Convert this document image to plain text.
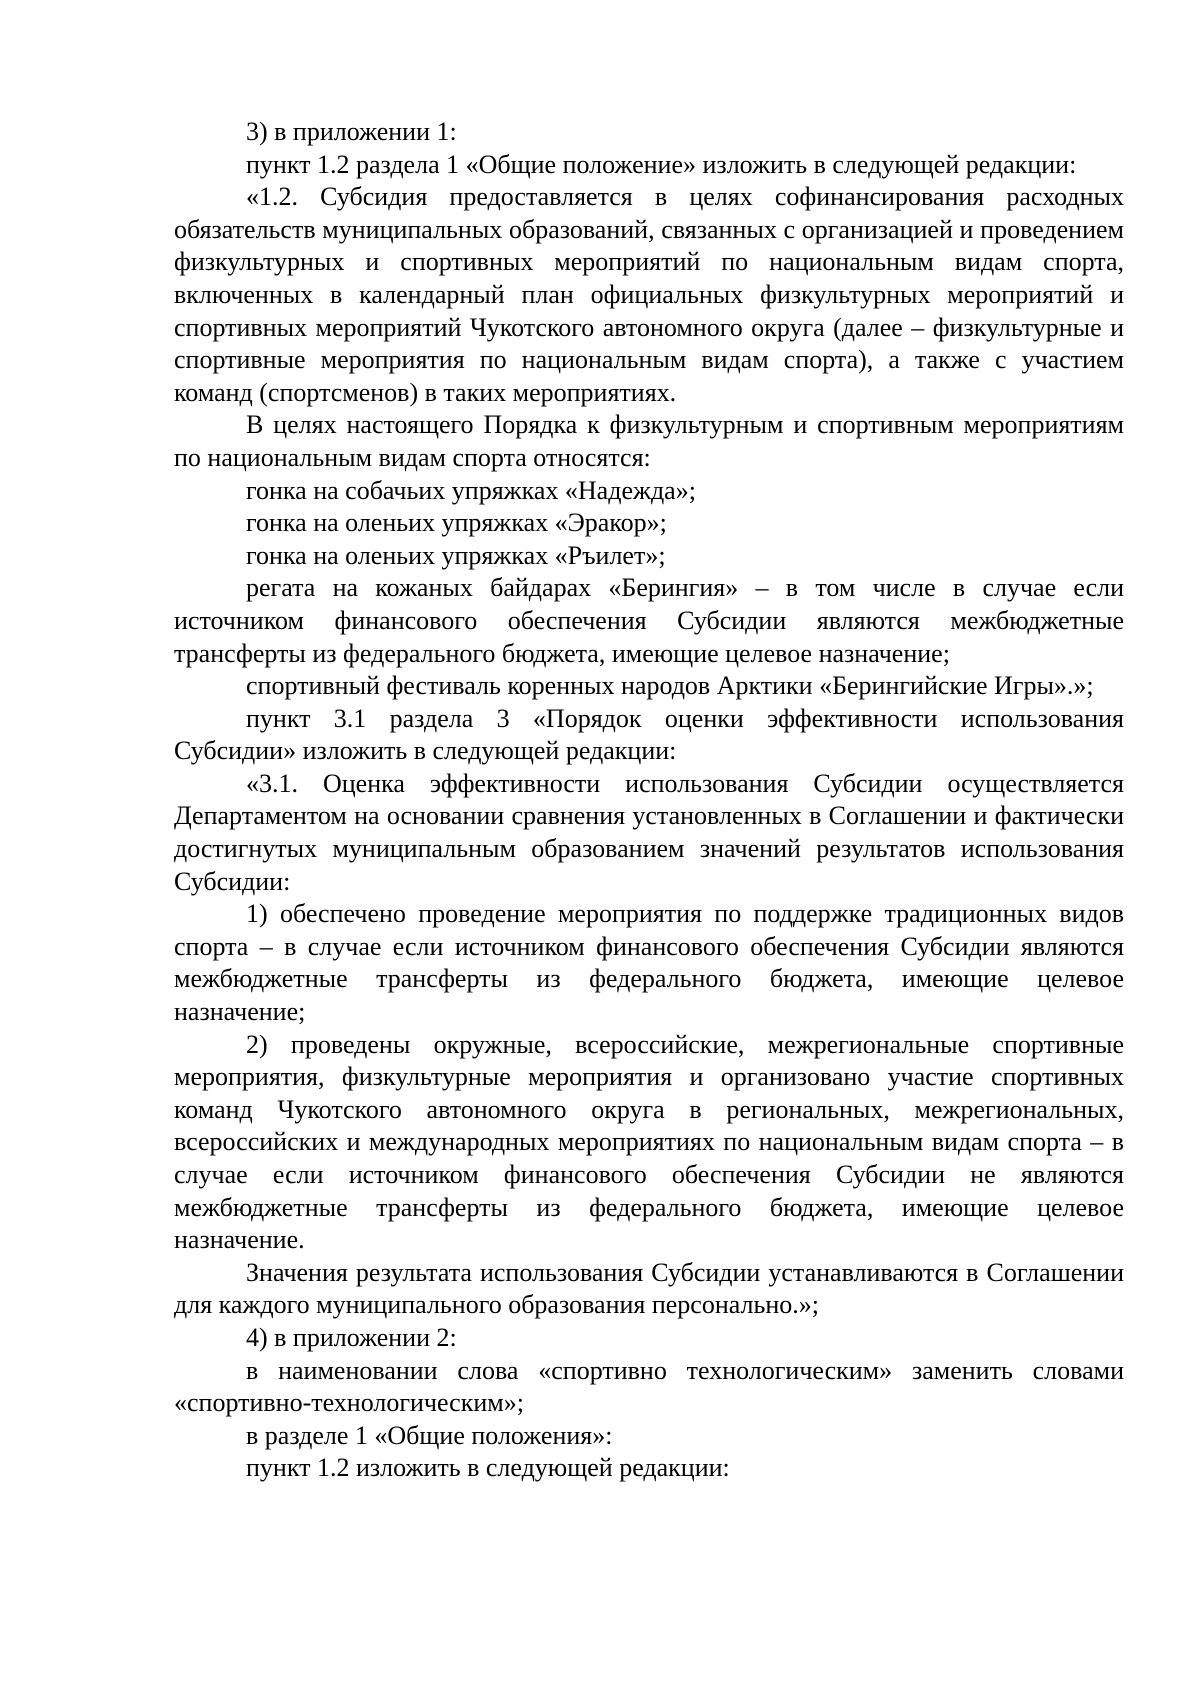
3) в приложении 1:

пункт 1.2 раздела 1 «Общие положение» изложить в следующей редакции:

«1.2. Субсидия предоставляется в целях софинансирования расходных обязательств муниципальных образований, связанных с организацией и проведением физкультурных и спортивных мероприятий по национальным видам спорта, включенных в календарный план официальных физкультурных мероприятий и спортивных мероприятий Чукотского автономного округа (далее – физкультурные и спортивные мероприятия по национальным видам спорта), а также с участием команд (спортсменов) в таких мероприятиях.

В целях настоящего Порядка к физкультурным и спортивным мероприятиям по национальным видам спорта относятся:

гонка на собачьих упряжках «Надежда»;

гонка на оленьих упряжках «Эракор»;

гонка на оленьих упряжках «Ръилет»;

регата на кожаных байдарах «Берингия» – в том числе в случае если источником финансового обеспечения Субсидии являются межбюджетные трансферты из федерального бюджета, имеющие целевое назначение;

спортивный фестиваль коренных народов Арктики «Берингийские Игры».»;

пункт 3.1 раздела 3 «Порядок оценки эффективности использования Субсидии» изложить в следующей редакции:

«3.1. Оценка эффективности использования Субсидии осуществляется Департаментом на основании сравнения установленных в Соглашении и фактически достигнутых муниципальным образованием значений результатов использования Субсидии:

1) обеспечено проведение мероприятия по поддержке традиционных видов спорта – в случае если источником финансового обеспечения Субсидии являются межбюджетные трансферты из федерального бюджета, имеющие целевое назначение;

2) проведены окружные, всероссийские, межрегиональные спортивные мероприятия, физкультурные мероприятия и организовано участие спортивных команд Чукотского автономного округа в региональных, межрегиональных, всероссийских и международных мероприятиях по национальным видам спорта – в случае если источником финансового обеспечения Субсидии не являются межбюджетные трансферты из федерального бюджета, имеющие целевое назначение.

Значения результата использования Субсидии устанавливаются в Соглашении для каждого муниципального образования персонально.»;

4) в приложении 2:

в наименовании слова «спортивно технологическим» заменить словами «спортивно-технологическим»;

в разделе 1 «Общие положения»:

пункт 1.2 изложить в следующей редакции:
